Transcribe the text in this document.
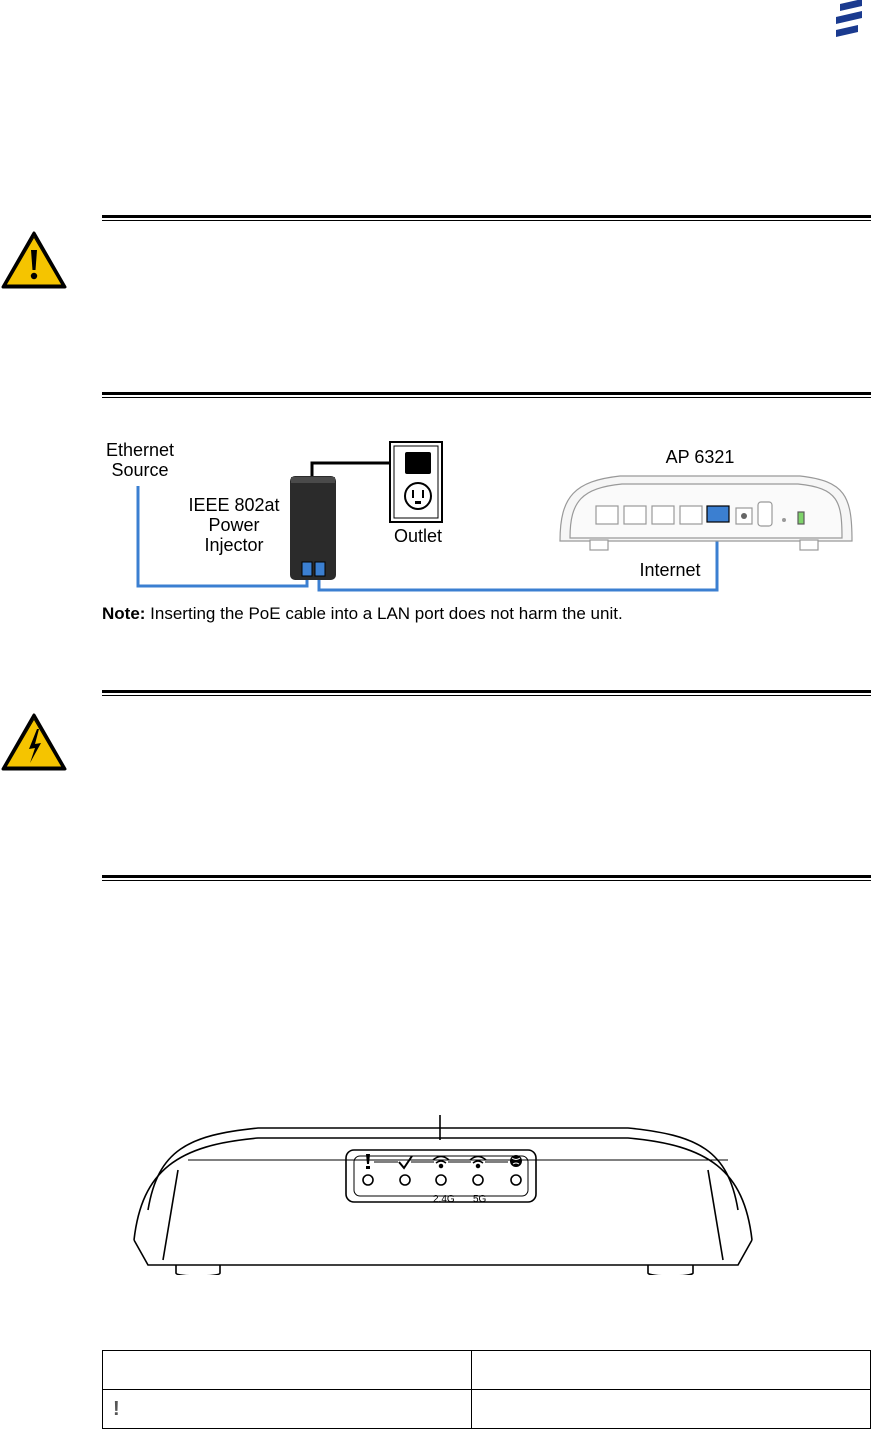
Ethernet
Source
IEEE 802at
Power
Injector	Outlet
AP 6321
Internet
Note: Inserting the PoE cable into a LAN port does not harm the unit.
2.4G 5G

!	
